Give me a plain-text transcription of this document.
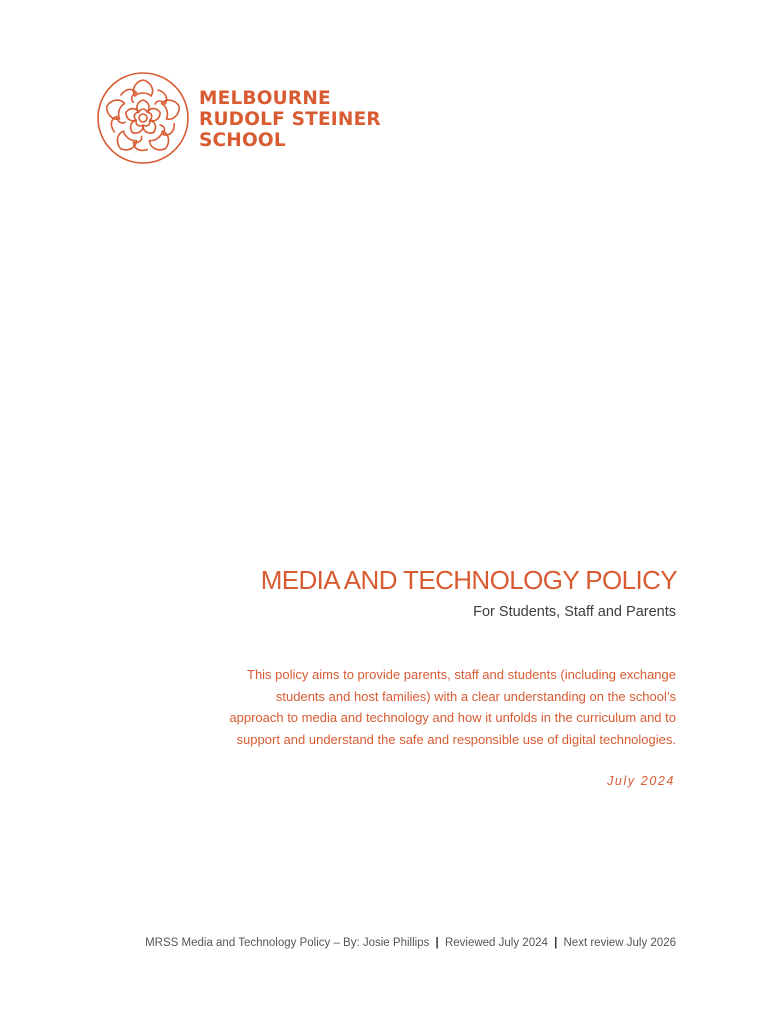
MELBOURNE
RUDOLF STEINER
SCHOOL
MEDIA AND TECHNOLOGY POLICY
For Students, Staff and Parents
This policy aims to provide parents, staff and students (including exchange
students and host families) with a clear understanding on the school’s
approach to media and technology and how it unfolds in the curriculum and to
support and understand the safe and responsible use of digital technologies.
July 2024
MRSS Media and Technology Policy – By: Josie Phillips | Reviewed July 2024 | Next review July 2026
